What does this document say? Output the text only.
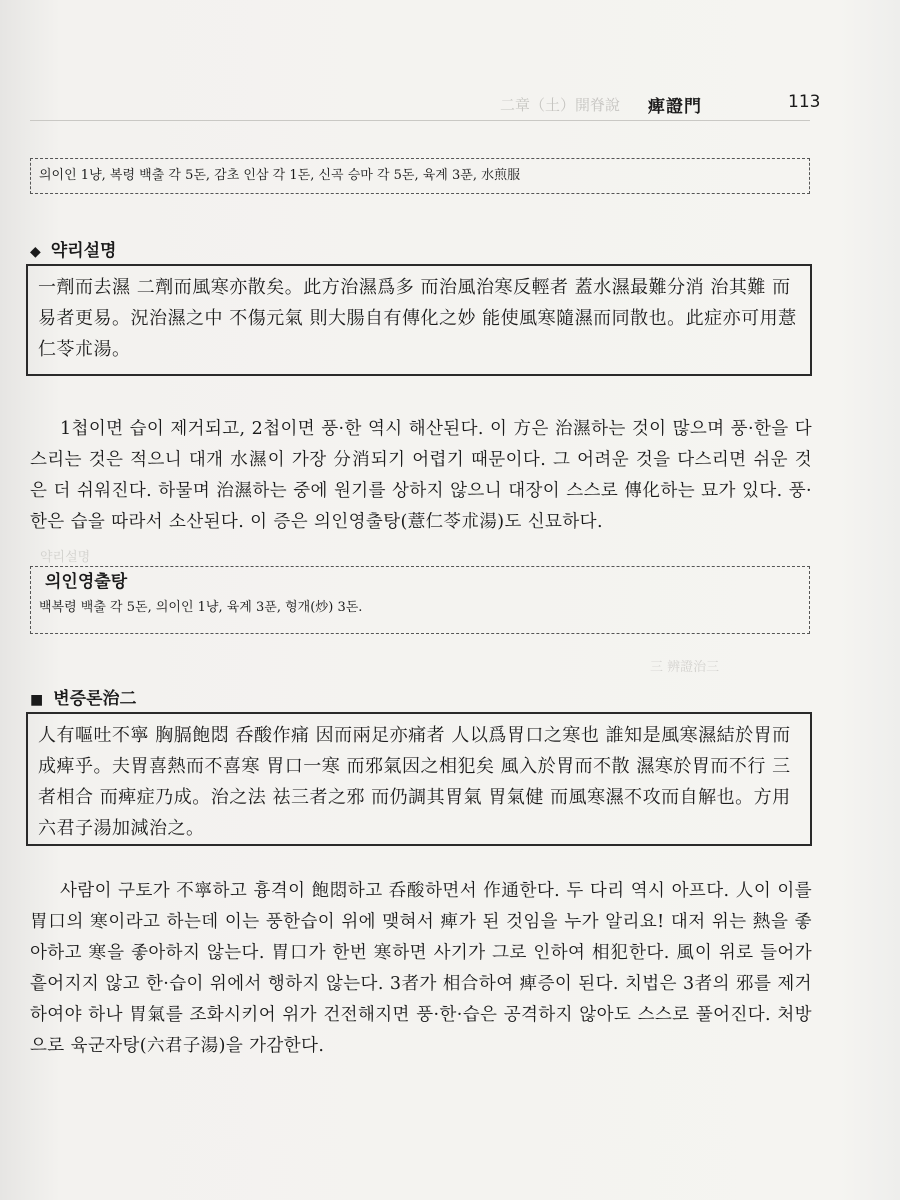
二章（土）開脊說 痺證門	113
의이인 1냥, 복령 백출 각 5돈, 감초 인삼 각 1돈, 신곡 승마 각 5돈, 육계 3푼, 水煎服
◆ 약리설명
一劑而去濕 二劑而風寒亦散矣。此方治濕爲多 而治風治寒反輕者 蓋水濕最難分消 治其難 而易者更易。況治濕之中 不傷元氣 則大腸自有傳化之妙 能使風寒隨濕而同散也。此症亦可用薏仁苓朮湯。
1첩이면 습이 제거되고, 2첩이면 풍·한 역시 해산된다. 이 方은 治濕하는 것이 많으며 풍·한을 다스리는 것은 적으니 대개 水濕이 가장 分消되기 어렵기 때문이다. 그 어려운 것을 다스리면 쉬운 것은 더 쉬워진다. 하물며 治濕하는 중에 원기를 상하지 않으니 대장이 스스로 傳化하는 묘가 있다. 풍·한은 습을 따라서 소산된다. 이 증은 의인영출탕(薏仁苓朮湯)도 신묘하다.
약리설명
의인영출탕
백복령 백출 각 5돈, 의이인 1냥, 육계 3푼, 형개(炒) 3돈.
三 辨證治三
■ 변증론治二
人有嘔吐不寧 胸膈飽悶 呑酸作痛 因而兩足亦痛者 人以爲胃口之寒也 誰知是風寒濕結於胃而成痺乎。夫胃喜熱而不喜寒 胃口一寒 而邪氣因之相犯矣 風入於胃而不散 濕寒於胃而不行 三者相合 而痺症乃成。治之法 祛三者之邪 而仍調其胃氣 胃氣健 而風寒濕不攻而自解也。方用 六君子湯加減治之。
사람이 구토가 不寧하고 흉격이 飽悶하고 呑酸하면서 作通한다. 두 다리 역시 아프다. 人이 이를 胃口의 寒이라고 하는데 이는 풍한습이 위에 맺혀서 痺가 된 것임을 누가 알리요! 대저 위는 熱을 좋아하고 寒을 좋아하지 않는다. 胃口가 한번 寒하면 사기가 그로 인하여 相犯한다. 風이 위로 들어가 흩어지지 않고 한·습이 위에서 행하지 않는다. 3者가 相合하여 痺증이 된다. 치법은 3者의 邪를 제거하여야 하나 胃氣를 조화시키어 위가 건전해지면 풍·한·습은 공격하지 않아도 스스로 풀어진다. 처방으로 육군자탕(六君子湯)을 가감한다.
